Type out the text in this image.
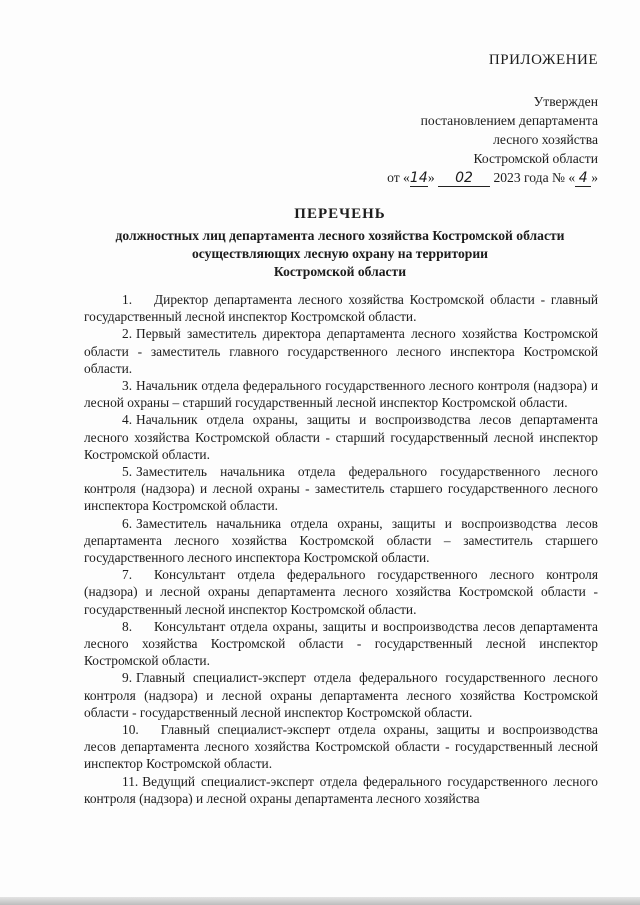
ПРИЛОЖЕНИЕ
Утвержден
постановлением департамента
лесного хозяйства
Костромской области
от «14» 02 2023 года № « 4 »
ПЕРЕЧЕНЬ
должностных лиц департамента лесного хозяйства Костромской области
осуществляющих лесную охрану на территории
Костромской области

1. Директор департамента лесного хозяйства Костромской области - главный государственный лесной инспектор Костромской области.

2. Первый заместитель директора департамента лесного хозяйства Костромской области - заместитель главного государственного лесного инспектора Костромской области.

3. Начальник отдела федерального государственного лесного контроля (надзора) и лесной охраны – старший государственный лесной инспектор Костромской области.

4. Начальник отдела охраны, защиты и воспроизводства лесов департамента лесного хозяйства Костромской области - старший государственный лесной инспектор Костромской области.

5. Заместитель начальника отдела федерального государственного лесного контроля (надзора) и лесной охраны - заместитель старшего государственного лесного инспектора Костромской области.

6. Заместитель начальника отдела охраны, защиты и воспроизводства лесов департамента лесного хозяйства Костромской области – заместитель старшего государственного лесного инспектора Костромской области.

7. Консультант отдела федерального государственного лесного контроля (надзора) и лесной охраны департамента лесного хозяйства Костромской области - государственный лесной инспектор Костромской области.

8. Консультант отдела охраны, защиты и воспроизводства лесов департамента лесного хозяйства Костромской области - государственный лесной инспектор Костромской области.

9. Главный специалист-эксперт отдела федерального государственного лесного контроля (надзора) и лесной охраны департамента лесного хозяйства Костромской области - государственный лесной инспектор Костромской области.

10. Главный специалист-эксперт отдела охраны, защиты и воспроизводства лесов департамента лесного хозяйства Костромской области - государственный лесной инспектор Костромской области.

11. Ведущий специалист-эксперт отдела федерального государственного лесного контроля (надзора) и лесной охраны департамента лесного хозяйства
